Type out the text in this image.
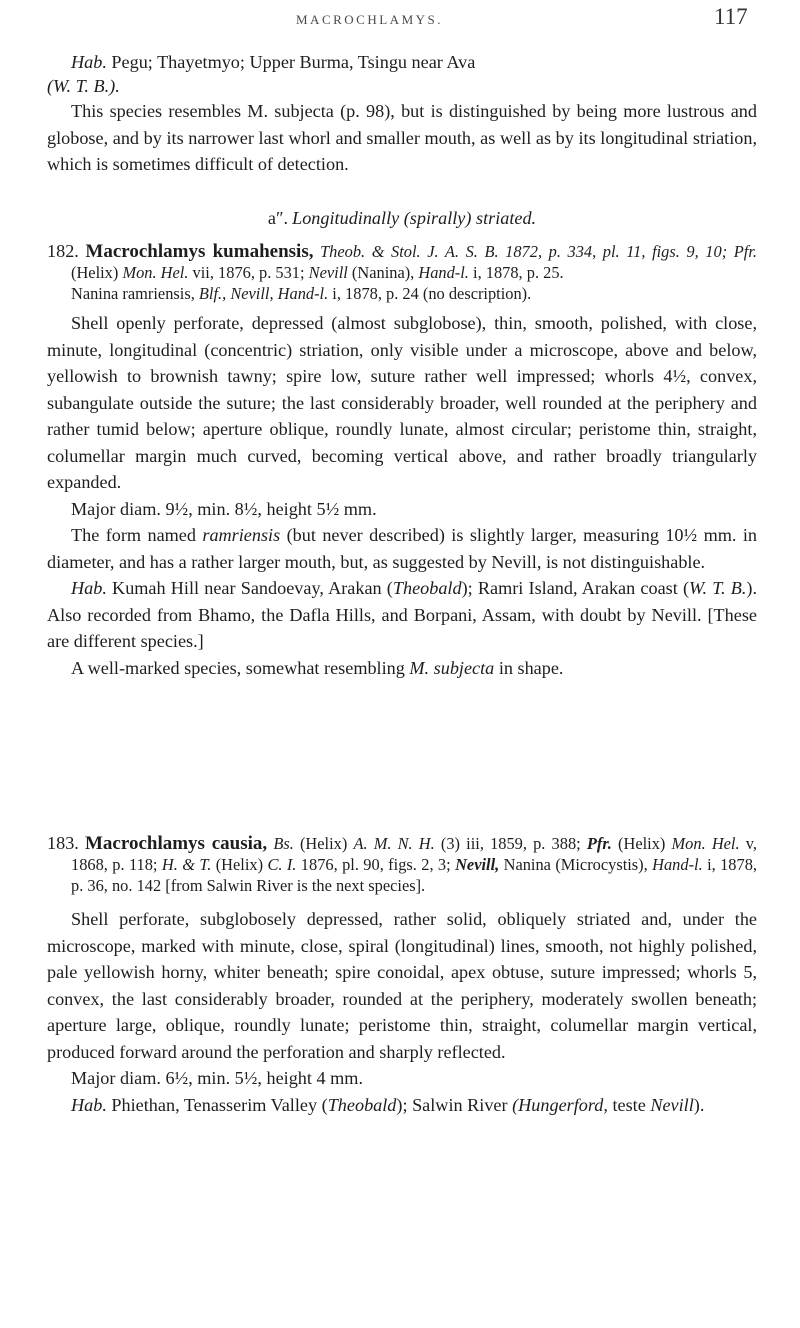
MACROCHLAMYS.	117

Hab. Pegu; Thayetmyo; Upper Burma, Tsingu near Ava
(W. T. B.).

This species resembles M. subjecta (p. 98), but is distinguished by being more lustrous and globose, and by its narrower last whorl and smaller mouth, as well as by its longitudinal striation, which is sometimes difficult of detection.

a″. Longitudinally (spirally) striated.
182. Macrochlamys kumahensis, Theob. & Stol. J. A. S. B. 1872, p. 334, pl. 11, figs. 9, 10; Pfr. (Helix) Mon. Hel. vii, 1876, p. 531; Nevill (Nanina), Hand-l. i, 1878, p. 25.
Nanina ramriensis, Blf., Nevill, Hand-l. i, 1878, p. 24 (no description).

Shell openly perforate, depressed (almost subglobose), thin, smooth, polished, with close, minute, longitudinal (concentric) striation, only visible under a microscope, above and below, yellowish to brownish tawny; spire low, suture rather well impressed; whorls 4½, convex, subangulate outside the suture; the last considerably broader, well rounded at the periphery and rather tumid below; aperture oblique, roundly lunate, almost circular; peristome thin, straight, columellar margin much curved, becoming vertical above, and rather broadly triangularly expanded.

Major diam. 9½, min. 8½, height 5½ mm.

The form named ramriensis (but never described) is slightly larger, measuring 10½ mm. in diameter, and has a rather larger mouth, but, as suggested by Nevill, is not distinguishable.

Hab. Kumah Hill near Sandoevay, Arakan (Theobald); Ramri Island, Arakan coast (W. T. B.). Also recorded from Bhamo, the Dafla Hills, and Borpani, Assam, with doubt by Nevill. [These are different species.]

A well-marked species, somewhat resembling M. subjecta in shape.

183. Macrochlamys causia, Bs. (Helix) A. M. N. H. (3) iii, 1859, p. 388; Pfr. (Helix) Mon. Hel. v, 1868, p. 118; H. & T. (Helix) C. I. 1876, pl. 90, figs. 2, 3; Nevill, Nanina (Microcystis), Hand-l. i, 1878, p. 36, no. 142 [from Salwin River is the next species].

Shell perforate, subglobosely depressed, rather solid, obliquely striated and, under the microscope, marked with minute, close, spiral (longitudinal) lines, smooth, not highly polished, pale yellowish horny, whiter beneath; spire conoidal, apex obtuse, suture impressed; whorls 5, convex, the last considerably broader, rounded at the periphery, moderately swollen beneath; aperture large, oblique, roundly lunate; peristome thin, straight, columellar margin vertical, produced forward around the perforation and sharply reflected.

Major diam. 6½, min. 5½, height 4 mm.

Hab. Phiethan, Tenasserim Valley (Theobald); Salwin River (Hungerford, teste Nevill).
